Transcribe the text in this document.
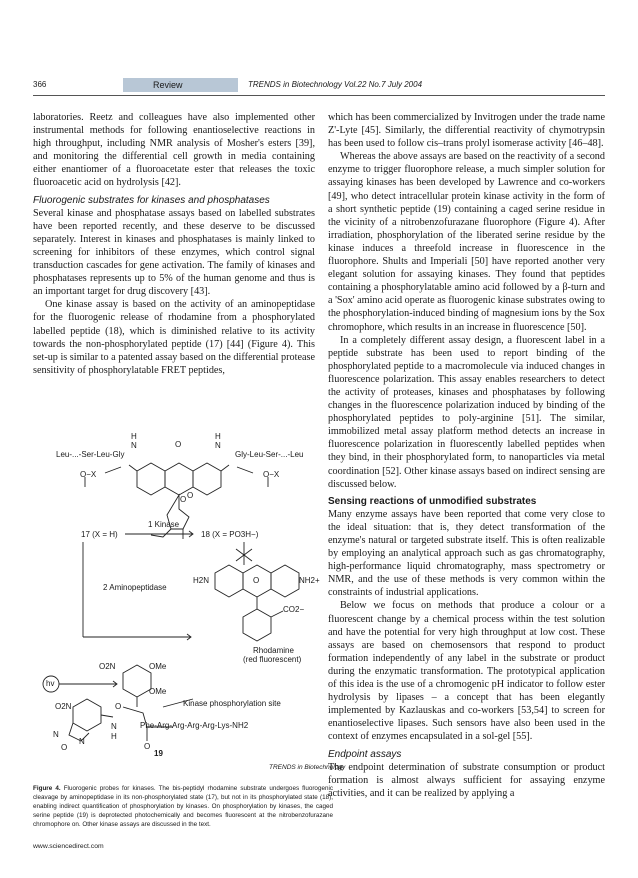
366	Review	TRENDS in Biotechnology Vol.22 No.7 July 2004

laboratories. Reetz and colleagues have also implemented other instrumental methods for following enantioselective reactions in high throughput, including NMR analysis of Mosher's esters [39], and monitoring the differential cell growth in media containing either enantiomer of a fluoroacetate ester that releases the toxic fluoroacetic acid on hydrolysis [42].

Fluorogenic substrates for kinases and phosphatases

Several kinase and phosphatase assays based on labelled substrates have been reported recently, and these deserve to be discussed separately. Interest in kinases and phosphatases is mainly linked to screening for inhibitors of these enzymes, which control signal transduction cascades for gene activation. The family of kinases and phosphatases represents up to 5% of the human genome and thus is an important target for drug discovery [43].

One kinase assay is based on the activity of an aminopeptidase for the fluorogenic release of rhodamine from a phosphorylated labelled peptide (18), which is diminished relative to its activity towards the non-phosphorylated peptide (17) [44] (Figure 4). This set-up is similar to a patented assay based on the differential protease sensitivity of phosphorylatable FRET peptides,

which has been commercialized by Invitrogen under the trade name Z'-Lyte [45]. Similarly, the differential reactivity of chymotrypsin has been used to follow cis–trans prolyl isomerase activity [46–48].

Whereas the above assays are based on the reactivity of a second enzyme to trigger fluorophore release, a much simpler solution for assaying kinases has been developed by Lawrence and co-workers [49], who detect intracellular protein kinase activity in the form of a short synthetic peptide (19) containing a caged serine residue in the vicinity of a nitrobenzofurazane fluorophore (Figure 4). After irradiation, phosphorylation of the liberated serine residue by the kinase induces a threefold increase in fluorescence in the fluorophore. Shults and Imperiali [50] have reported another very elegant solution for assaying kinases. They found that peptides containing a phosphorylatable amino acid followed by a β-turn and a 'Sox' amino acid operate as fluorogenic kinase substrates owing to the phosphorylation-induced binding of magnesium ions by the Sox chromophore, which results in an increase in fluorescence [50].

In a completely different assay design, a fluorescent label in a peptide substrate has been used to report binding of the phosphorylated peptide to a macromolecule via induced changes in fluorescence polarization. This assay enables researchers to detect the activity of proteases, kinases and phosphatases by following changes in the fluorescence polarization induced by binding of the phosphorylated peptides to poly-arginine [51]. The similar, immobilized metal assay platform method detects an increase in fluorescence polarization in fluorescently labelled peptides when they bind, in their phosphorylated form, to nanoparticles via metal coordination [52]. Other kinase assays based on indirect sensing are discussed below.

Sensing reactions of unmodified substrates

Many enzyme assays have been reported that come very close to the ideal situation: that is, they detect transformation of the enzyme's natural or targeted substrate itself. This is often realizable by employing an analytical approach such as gas chromatography, high-performance liquid chromatography, mass spectrometry or NMR, and the use of these methods is very common within the constraints of industrial applications.

Below we focus on methods that produce a colour or a fluorescent change by a chemical process within the test solution and have the potential for very high throughput at low cost. These assays are based on chemosensors that respond to product formation independently of any label in the substrate or product during the enzymatic transformation. The prototypical application of this idea is the use of a chromogenic pH indicator to follow ester hydrolysis by lipases – a concept that has been elegantly implemented by Kazlauskas and co-workers [53,54] to screen for enantioselective lipases. Such sensors have also been used in the context of enzymes encapsulated in a sol-gel [55].

Endpoint assays

The endpoint determination of substrate consumption or product formation is almost always sufficient for assaying enzyme activities, and it can be realized by applying a

Leu-...-Ser-Leu-Gly	Gly-Leu-Ser-...-Leu
O−X	O−X
H
N
H
N
O
O
O
17 (X = H)
1 Kinase
18 (X = PO3H−)
2 Aminopeptidase
H2N	NH2+
O
CO2−
Rhodamine
(red fluorescent)
hv
O2N	OMe
OMe
O2N	O
N
H
O
Kinase phosphorylation site
Phe-Arg-Arg-Arg-Arg-Lys-NH2
19
N
N
O
TRENDS in Biotechnology
Figure 4. Fluorogenic probes for kinases. The bis-peptidyl rhodamine substrate undergoes fluorogenic cleavage by aminopeptidase in its non-phosphorylated state (17), but not in its phosphorylated state (18), enabling indirect quantification of phosphorylation by kinases. On phosphorylation by kinases, the caged serine peptide (19) is deprotected photochemically and becomes fluorescent at the nitrobenzofurazane chromophore on. Other kinase assays are discussed in the text.
www.sciencedirect.com
